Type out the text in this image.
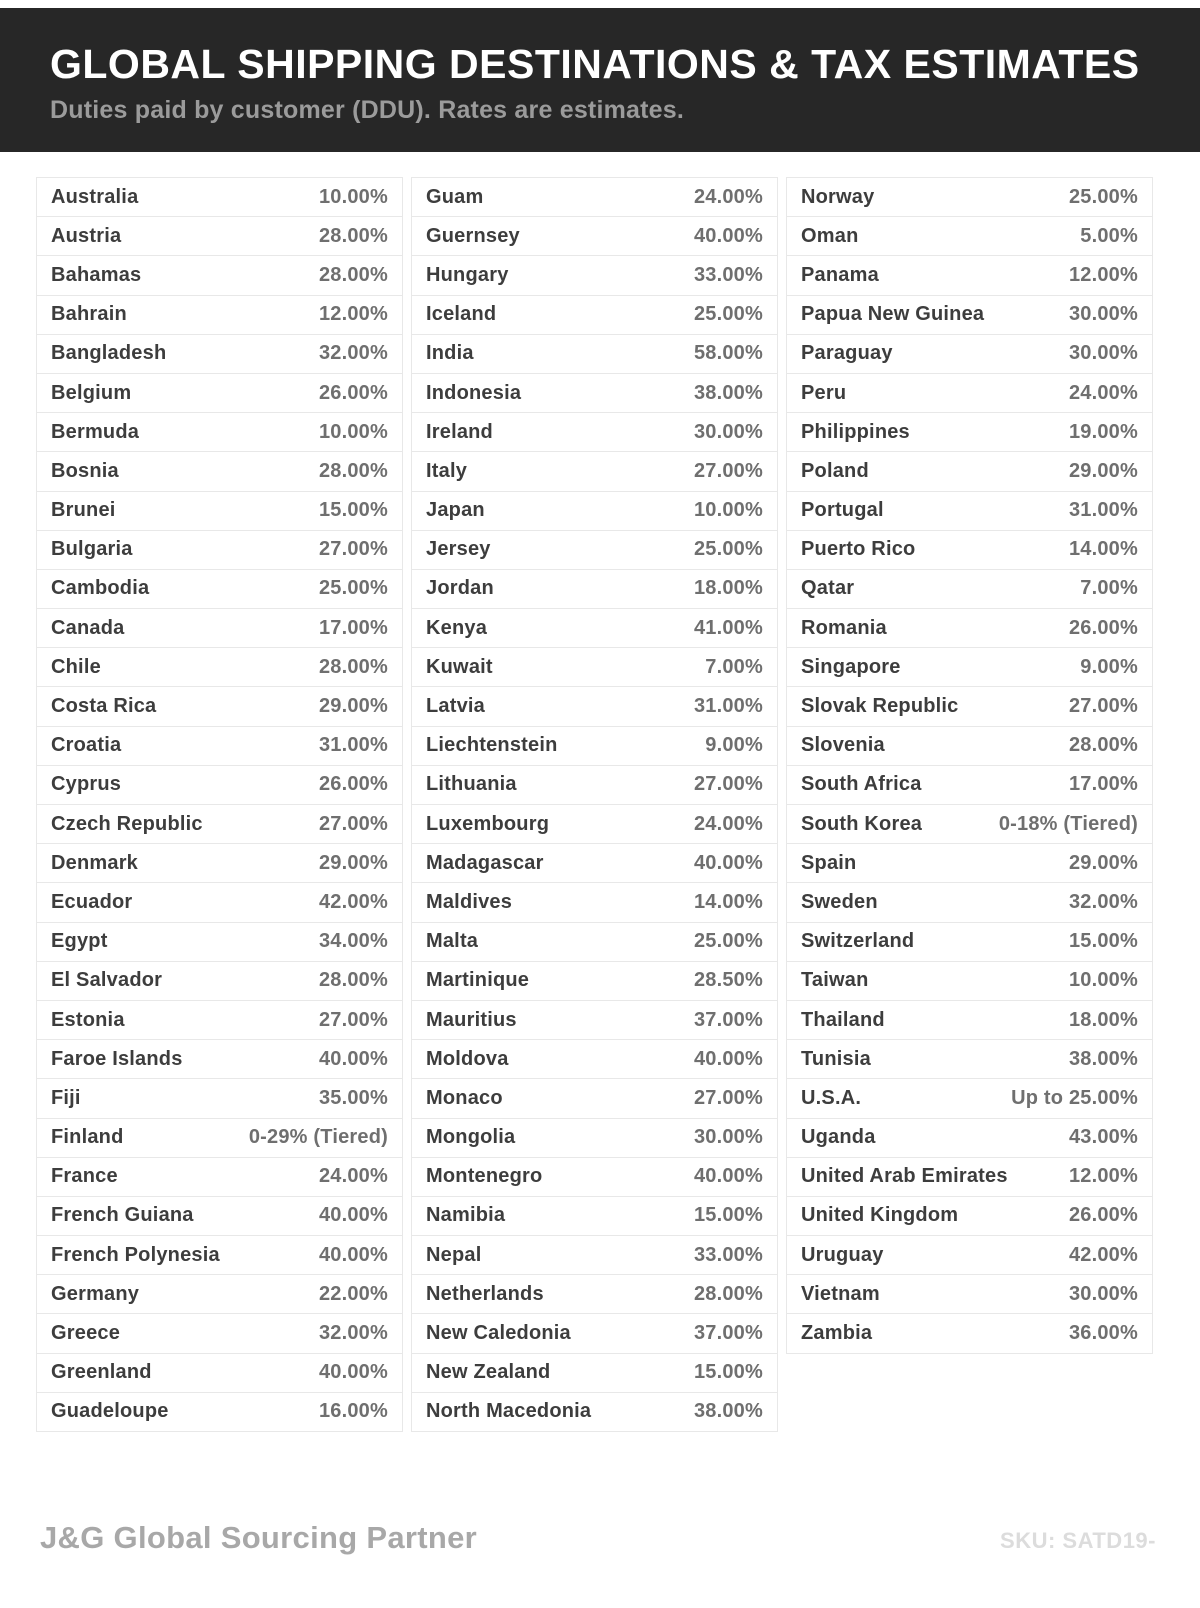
GLOBAL SHIPPING DESTINATIONS & TAX ESTIMATES
Duties paid by customer (DDU). Rates are estimates.
Australia	10.00%
Austria	28.00%
Bahamas	28.00%
Bahrain	12.00%
Bangladesh	32.00%
Belgium	26.00%
Bermuda	10.00%
Bosnia	28.00%
Brunei	15.00%
Bulgaria	27.00%
Cambodia	25.00%
Canada	17.00%
Chile	28.00%
Costa Rica	29.00%
Croatia	31.00%
Cyprus	26.00%
Czech Republic	27.00%
Denmark	29.00%
Ecuador	42.00%
Egypt	34.00%
El Salvador	28.00%
Estonia	27.00%
Faroe Islands	40.00%
Fiji	35.00%
Finland	0-29% (Tiered)
France	24.00%
French Guiana	40.00%
French Polynesia	40.00%
Germany	22.00%
Greece	32.00%
Greenland	40.00%
Guadeloupe	16.00%
Guam	24.00%
Guernsey	40.00%
Hungary	33.00%
Iceland	25.00%
India	58.00%
Indonesia	38.00%
Ireland	30.00%
Italy	27.00%
Japan	10.00%
Jersey	25.00%
Jordan	18.00%
Kenya	41.00%
Kuwait	7.00%
Latvia	31.00%
Liechtenstein	9.00%
Lithuania	27.00%
Luxembourg	24.00%
Madagascar	40.00%
Maldives	14.00%
Malta	25.00%
Martinique	28.50%
Mauritius	37.00%
Moldova	40.00%
Monaco	27.00%
Mongolia	30.00%
Montenegro	40.00%
Namibia	15.00%
Nepal	33.00%
Netherlands	28.00%
New Caledonia	37.00%
New Zealand	15.00%
North Macedonia	38.00%
Norway	25.00%
Oman	5.00%
Panama	12.00%
Papua New Guinea	30.00%
Paraguay	30.00%
Peru	24.00%
Philippines	19.00%
Poland	29.00%
Portugal	31.00%
Puerto Rico	14.00%
Qatar	7.00%
Romania	26.00%
Singapore	9.00%
Slovak Republic	27.00%
Slovenia	28.00%
South Africa	17.00%
South Korea	0-18% (Tiered)
Spain	29.00%
Sweden	32.00%
Switzerland	15.00%
Taiwan	10.00%
Thailand	18.00%
Tunisia	38.00%
U.S.A.	Up to 25.00%
Uganda	43.00%
United Arab Emirates	12.00%
United Kingdom	26.00%
Uruguay	42.00%
Vietnam	30.00%
Zambia	36.00%
J&G Global Sourcing Partner	SKU: SATD19-
